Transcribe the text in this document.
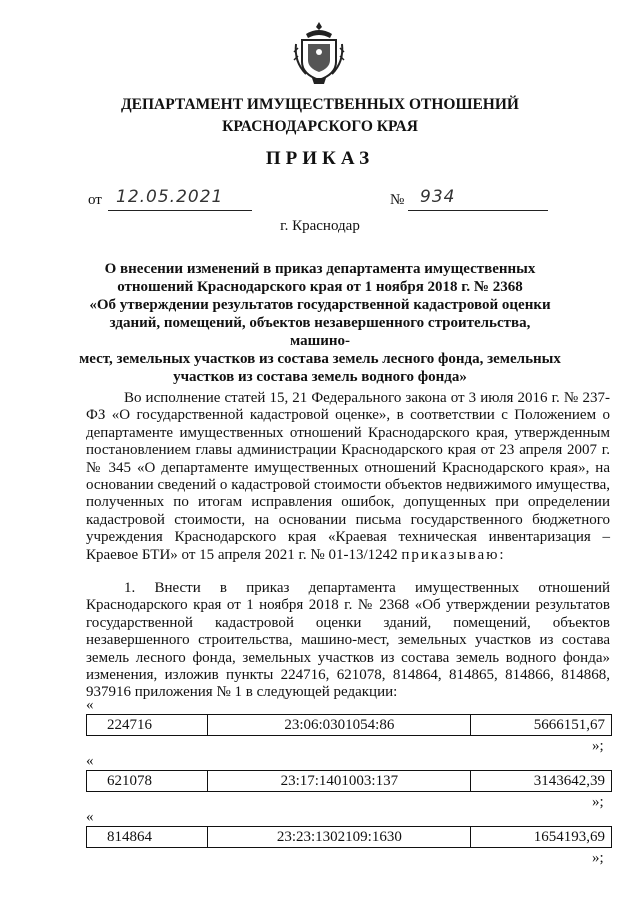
ДЕПАРТАМЕНТ ИМУЩЕСТВЕННЫХ ОТНОШЕНИЙ
КРАСНОДАРСКОГО КРАЯ
ПРИКАЗ
от 12.05.2021	№ 934
г. Краснодар
О внесении изменений в приказ департамента имущественных
отношений Краснодарского края от 1 ноября 2018 г. № 2368
«Об утверждении результатов государственной кадастровой оценки
зданий, помещений, объектов незавершенного строительства, машино-
мест, земельных участков из состава земель лесного фонда, земельных
участков из состава земель водного фонда»
Во исполнение статей 15, 21 Федерального закона от 3 июля 2016 г. № 237-ФЗ «О государственной кадастровой оценке», в соответствии с Положением о департаменте имущественных отношений Краснодарского края, утвержденным постановлением главы администрации Краснодарского края от 23 апреля 2007 г. № 345 «О департаменте имущественных отношений Краснодарского края», на основании сведений о кадастровой стоимости объектов недвижимого имущества, полученных по итогам исправления ошибок, допущенных при определении кадастровой стоимости, на основании письма государственного бюджетного учреждения Краснодарского края «Краевая техническая инвентаризация – Краевое БТИ» от 15 апреля 2021 г. № 01-13/1242 приказываю:
1. Внести в приказ департамента имущественных отношений Краснодарского края от 1 ноября 2018 г. № 2368 «Об утверждении результатов государственной кадастровой оценки зданий, помещений, объектов незавершенного строительства, машино-мест, земельных участков из состава земель лесного фонда, земельных участков из состава земель водного фонда» изменения, изложив пункты 224716, 621078, 814864, 814865, 814866, 814868, 937916 приложения № 1 в следующей редакции:
«
224716	23:06:0301054:86	5666151,67
»;
«
621078	23:17:1401003:137	3143642,39
»;
«
814864	23:23:1302109:1630	1654193,69
»;
